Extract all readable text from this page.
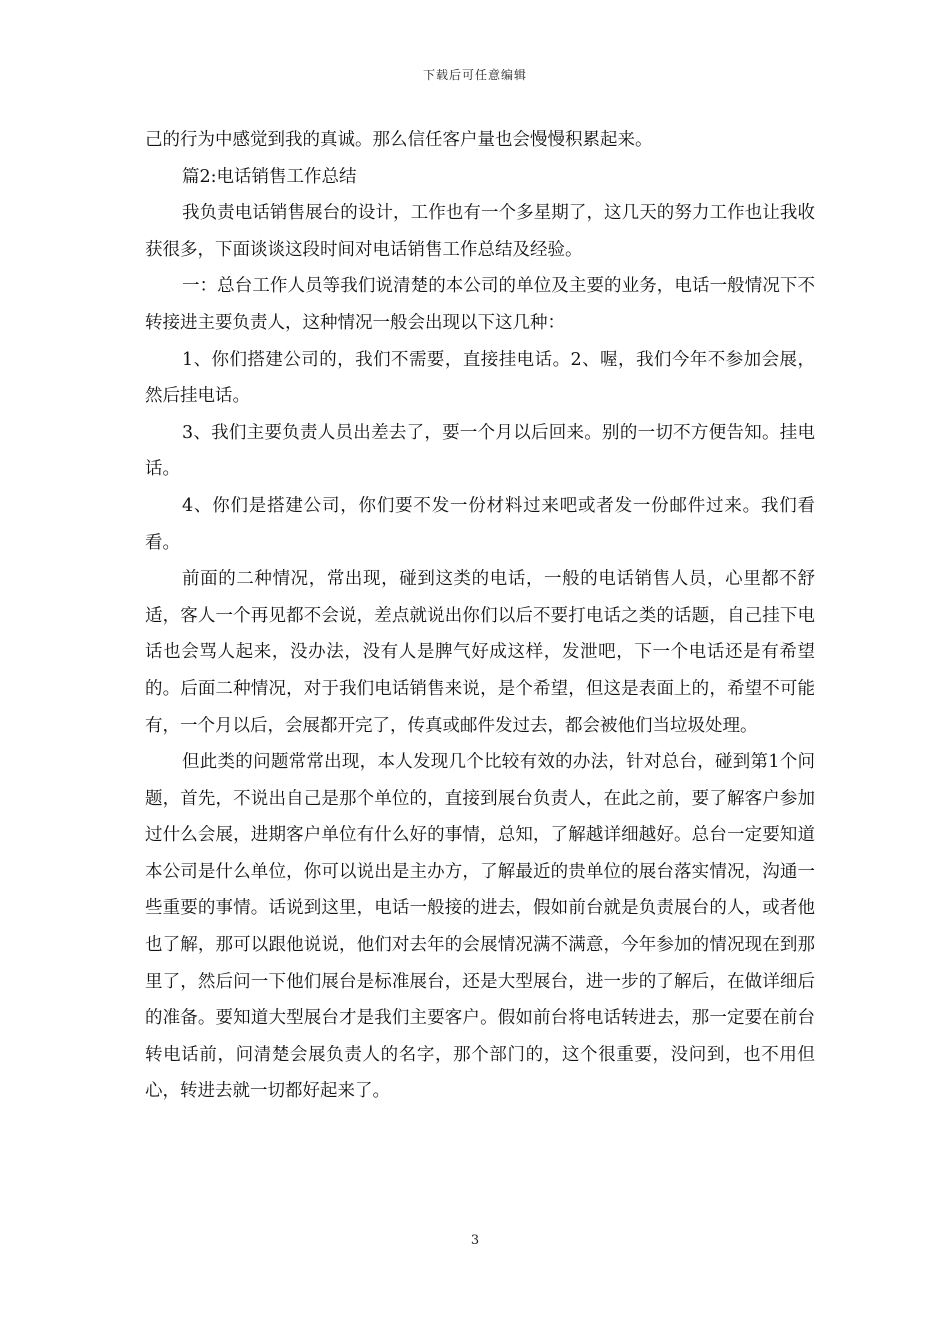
下载后可任意编辑

己的行为中感觉到我的真诚。那么信任客户量也会慢慢积累起来。

篇2:电话销售工作总结

我负责电话销售展台的设计，工作也有一个多星期了，这几天的努力工作也让我收获很多，下面谈谈这段时间对电话销售工作总结及经验。

一：总台工作人员等我们说清楚的本公司的单位及主要的业务，电话一般情况下不转接进主要负责人，这种情况一般会出现以下这几种：

1、你们搭建公司的，我们不需要，直接挂电话。2、喔，我们今年不参加会展，然后挂电话。

3、我们主要负责人员出差去了，要一个月以后回来。别的一切不方便告知。挂电话。

4、你们是搭建公司，你们要不发一份材料过来吧或者发一份邮件过来。我们看看。

前面的二种情况，常出现，碰到这类的电话，一般的电话销售人员，心里都不舒适，客人一个再见都不会说，差点就说出你们以后不要打电话之类的话题，自己挂下电话也会骂人起来，没办法，没有人是脾气好成这样，发泄吧，下一个电话还是有希望的。后面二种情况，对于我们电话销售来说，是个希望，但这是表面上的，希望不可能有，一个月以后，会展都开完了，传真或邮件发过去，都会被他们当垃圾处理。

但此类的问题常常出现，本人发现几个比较有效的办法，针对总台，碰到第1个问题，首先，不说出自己是那个单位的，直接到展台负责人，在此之前，要了解客户参加过什么会展，进期客户单位有什么好的事情，总知，了解越详细越好。总台一定要知道本公司是什么单位，你可以说出是主办方，了解最近的贵单位的展台落实情况，沟通一些重要的事情。话说到这里，电话一般接的进去，假如前台就是负责展台的人，或者他也了解，那可以跟他说说，他们对去年的会展情况满不满意，今年参加的情况现在到那里了，然后问一下他们展台是标准展台，还是大型展台，进一步的了解后，在做详细后的准备。要知道大型展台才是我们主要客户。假如前台将电话转进去，那一定要在前台转电话前，问清楚会展负责人的名字，那个部门的，这个很重要，没问到，也不用但心，转进去就一切都好起来了。

3
